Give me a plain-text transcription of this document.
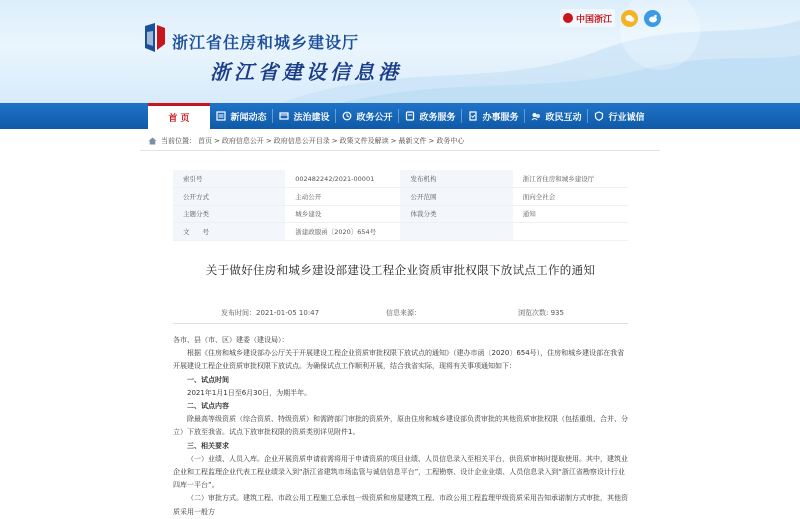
浙江省住房和城乡建设厅
浙江省建设信息港
中国浙江
首 页	新闻动态	法治建设	政务公开	政务服务	办事服务	政民互动	行业诚信
当前位置： 首页 > 政府信息公开 > 政府信息公开目录 > 政策文件及解读 > 最新文件 > 政务中心
索引号	002482242/2021-00001	发布机构	浙江省住房和城乡建设厅
公开方式	主动公开	公开范围	面向全社会
主题分类	城乡建设	体裁分类	通知
文　　号	浙建政服函〔2020〕654号		
关于做好住房和城乡建设部建设工程企业资质审批权限下放试点工作的通知
发布时间：2021-01-05 10:47	信息来源：	浏览次数: 935

各市、县（市、区）建委（建设局）：

根据《住房和城乡建设部办公厅关于开展建设工程企业资质审批权限下放试点的通知》（建办市函〔2020〕654号），住房和城乡建设部在我省开展建设工程企业资质审批权限下放试点。为确保试点工作顺利开展，结合我省实际，现将有关事项通知如下：

一、试点时间

2021年1月1日至6月30日，为期半年。

二、试点内容

除最高等级资质（综合资质、特级资质）和需跨部门审批的资质外，原由住房和城乡建设部负责审批的其他资质审批权限（包括重组、合并、分立）下放至我省。试点下放审批权限的资质类别详见附件1。

三、相关要求

（一）业绩、人员入库。企业开展资质申请前需将用于申请资质的项目业绩、人员信息录入至相关平台，供资质审核时提取使用。其中，建筑业企业和工程监理企业代表工程业绩录入到“浙江省建筑市场监管与诚信信息平台”，工程勘察、设计企业业绩、人员信息录入到“浙江省勘察设计行业四库一平台”。

（二）审批方式。建筑工程、市政公用工程施工总承包一级资质和房屋建筑工程、市政公用工程监理甲级资质采用告知承诺制方式审批，其他资质采用一般方
